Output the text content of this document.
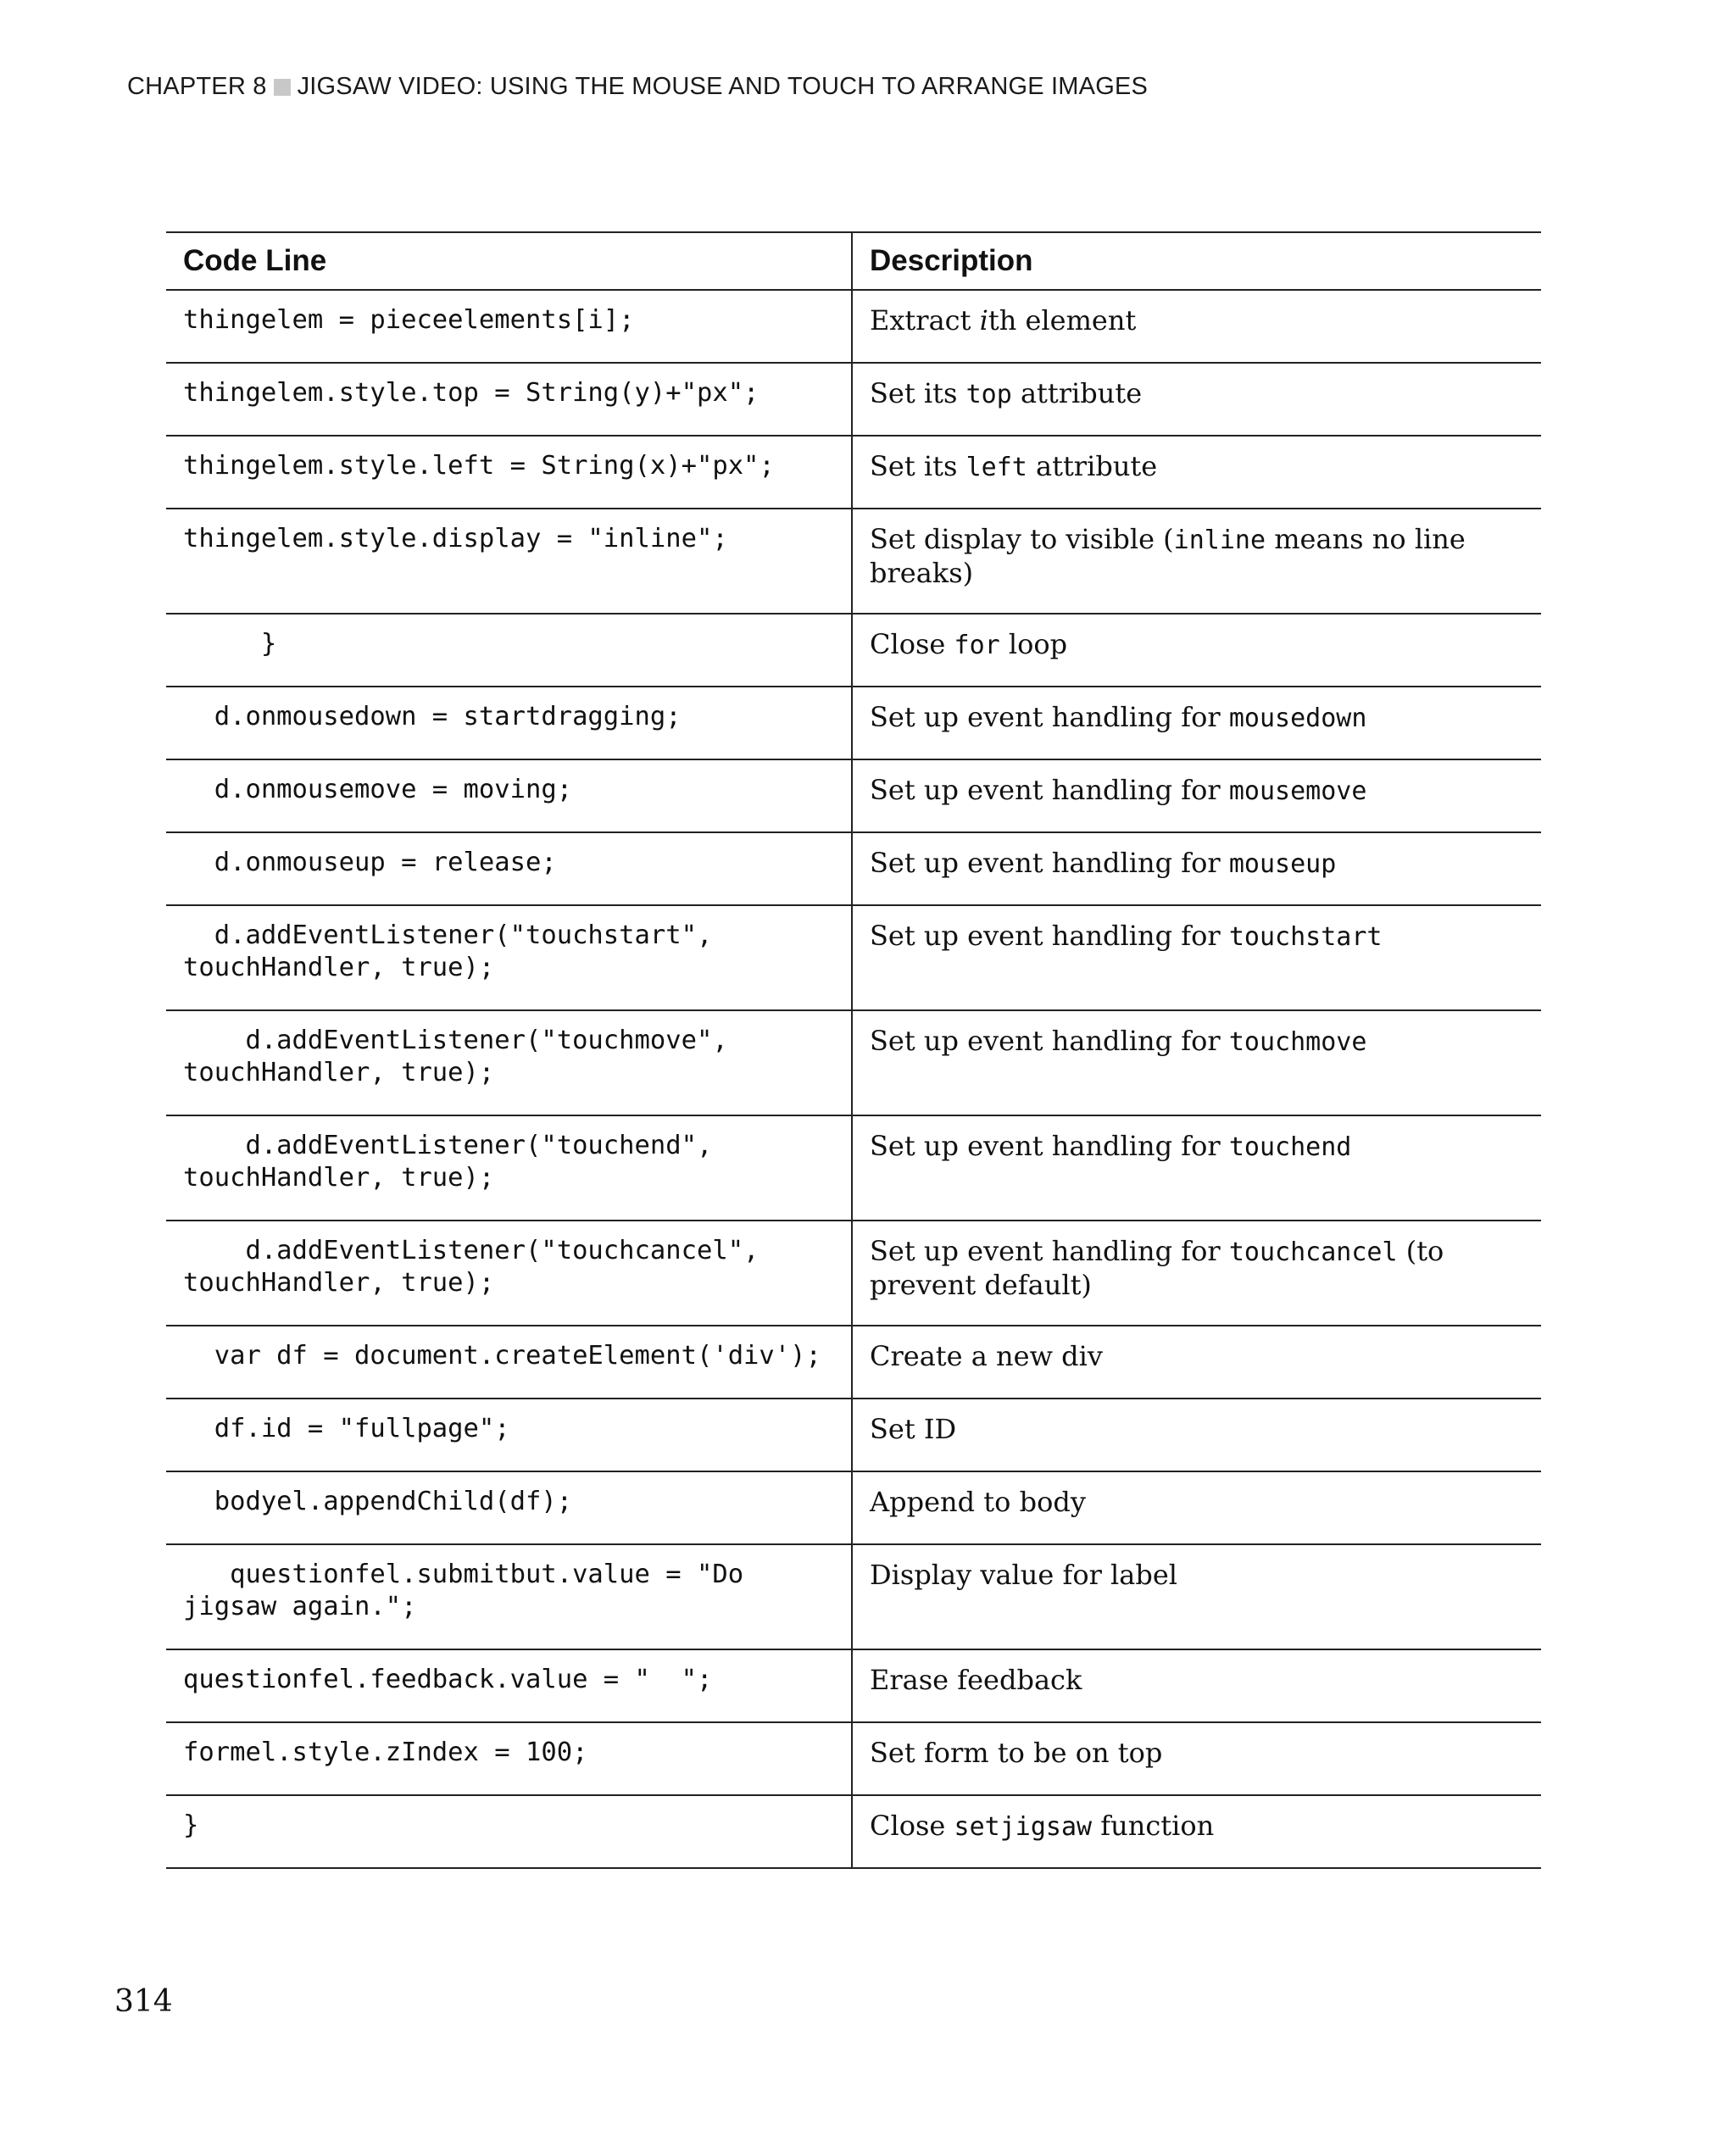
CHAPTER 8 JIGSAW VIDEO: USING THE MOUSE AND TOUCH TO ARRANGE IMAGES
Code Line	Description
thingelem = pieceelements[i];	Extract ith element
thingelem.style.top = String(y)+"px";	Set its top attribute
thingelem.style.left = String(x)+"px";	Set its left attribute
thingelem.style.display = "inline";	Set display to visible (inline means no line breaks)
}	Close for loop
d.onmousedown = startdragging;	Set up event handling for mousedown
d.onmousemove = moving;	Set up event handling for mousemove
d.onmouseup = release;	Set up event handling for mouseup
d.addEventListener("touchstart", touchHandler, true);	Set up event handling for touchstart
d.addEventListener("touchmove", touchHandler, true);	Set up event handling for touchmove
d.addEventListener("touchend", touchHandler, true);	Set up event handling for touchend
d.addEventListener("touchcancel", touchHandler, true);	Set up event handling for touchcancel (to prevent default)
var df = document.createElement('div');	Create a new div
df.id = "fullpage";	Set ID
bodyel.appendChild(df);	Append to body
questionfel.submitbut.value = "Do jigsaw again.";	Display value for label
questionfel.feedback.value = "  ";	Erase feedback
formel.style.zIndex = 100;	Set form to be on top
}	Close setjigsaw function
314
